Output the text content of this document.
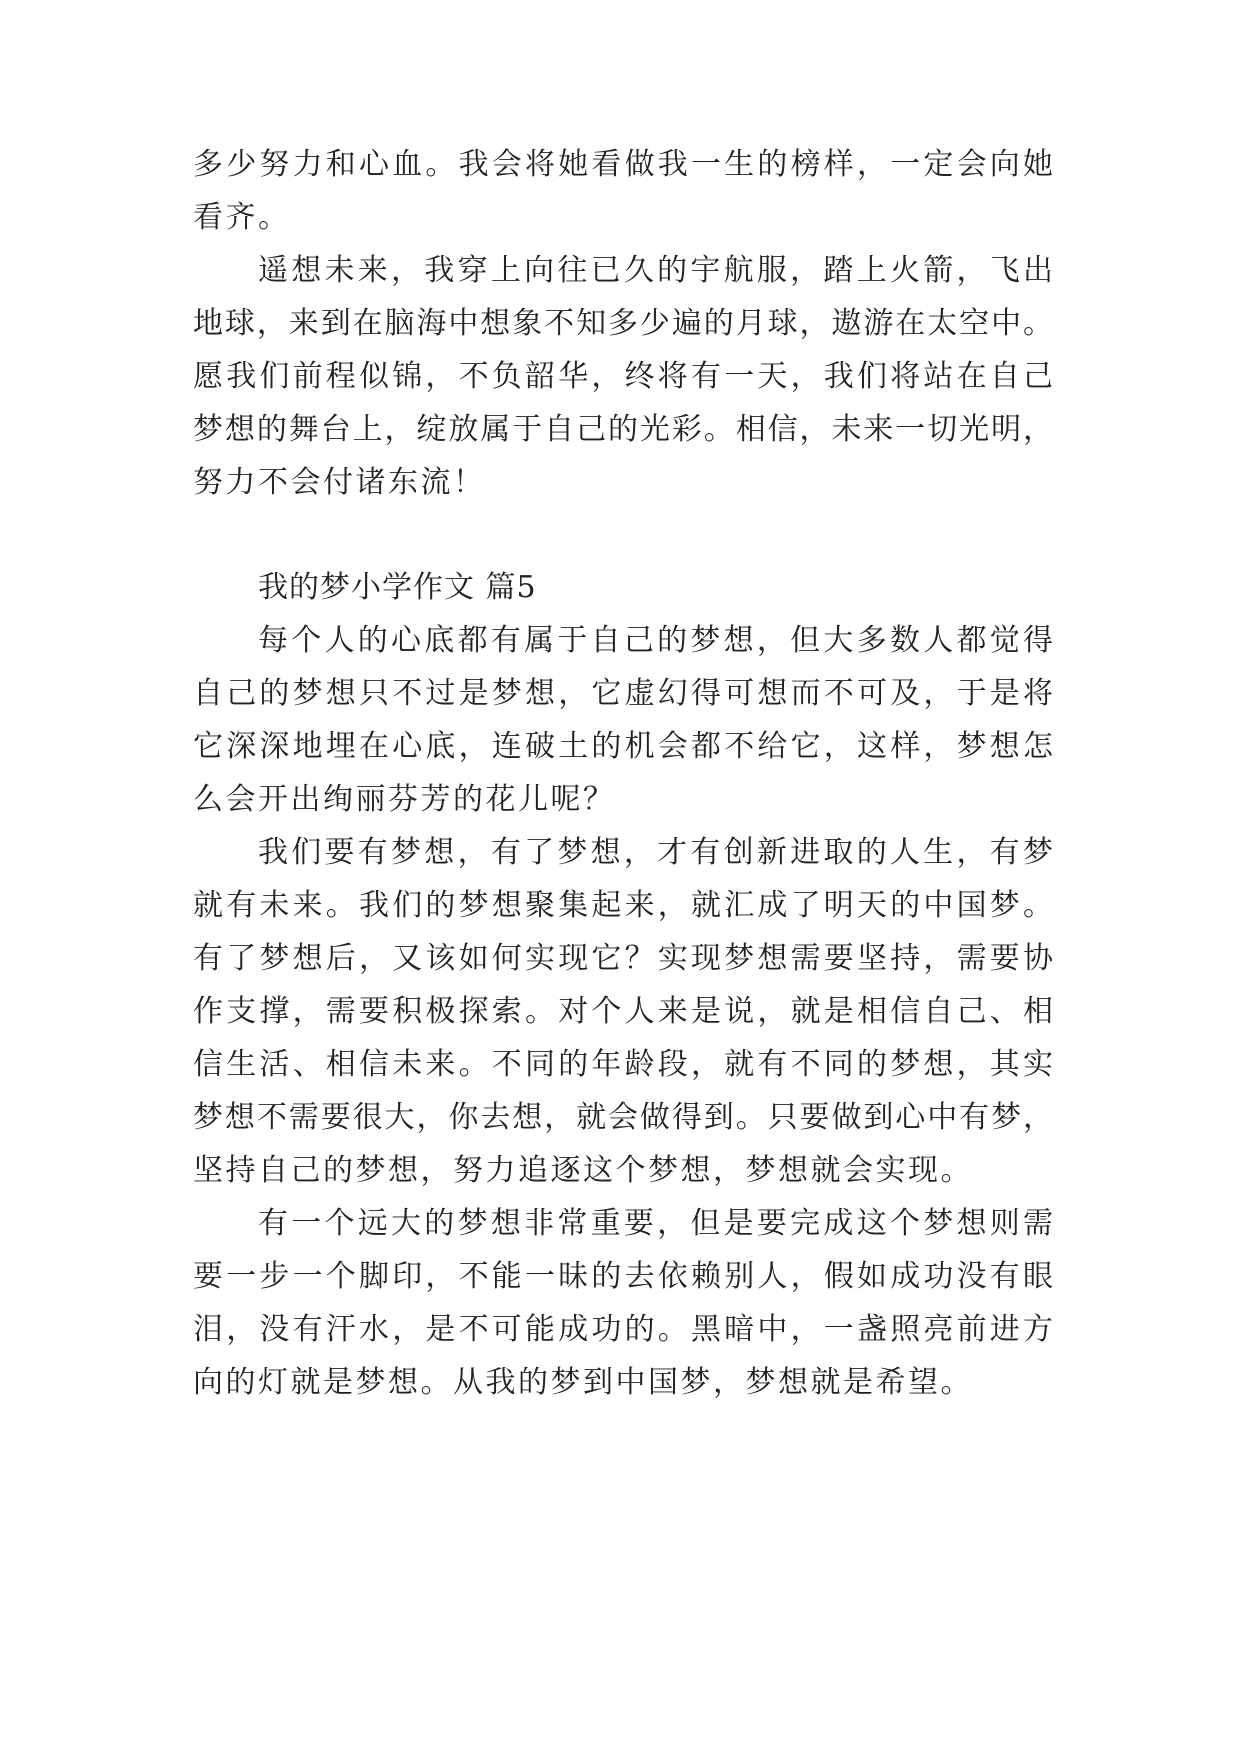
多少努力和心血。我会将她看做我一生的榜样，一定会向她
看齐。
遥想未来，我穿上向往已久的宇航服，踏上火箭，飞出
地球，来到在脑海中想象不知多少遍的月球，遨游在太空中。
愿我们前程似锦，不负韶华，终将有一天，我们将站在自己
梦想的舞台上，绽放属于自己的光彩。相信，未来一切光明，
努力不会付诸东流！
我的梦小学作文 篇5
每个人的心底都有属于自己的梦想，但大多数人都觉得
自己的梦想只不过是梦想，它虚幻得可想而不可及，于是将
它深深地埋在心底，连破土的机会都不给它，这样，梦想怎
么会开出绚丽芬芳的花儿呢？
我们要有梦想，有了梦想，才有创新进取的人生，有梦
就有未来。我们的梦想聚集起来，就汇成了明天的中国梦。
有了梦想后，又该如何实现它？实现梦想需要坚持，需要协
作支撑，需要积极探索。对个人来是说，就是相信自己、相
信生活、相信未来。不同的年龄段，就有不同的梦想，其实
梦想不需要很大，你去想，就会做得到。只要做到心中有梦，
坚持自己的梦想，努力追逐这个梦想，梦想就会实现。
有一个远大的梦想非常重要，但是要完成这个梦想则需
要一步一个脚印，不能一昧的去依赖别人，假如成功没有眼
泪，没有汗水，是不可能成功的。黑暗中，一盏照亮前进方
向的灯就是梦想。从我的梦到中国梦，梦想就是希望。
